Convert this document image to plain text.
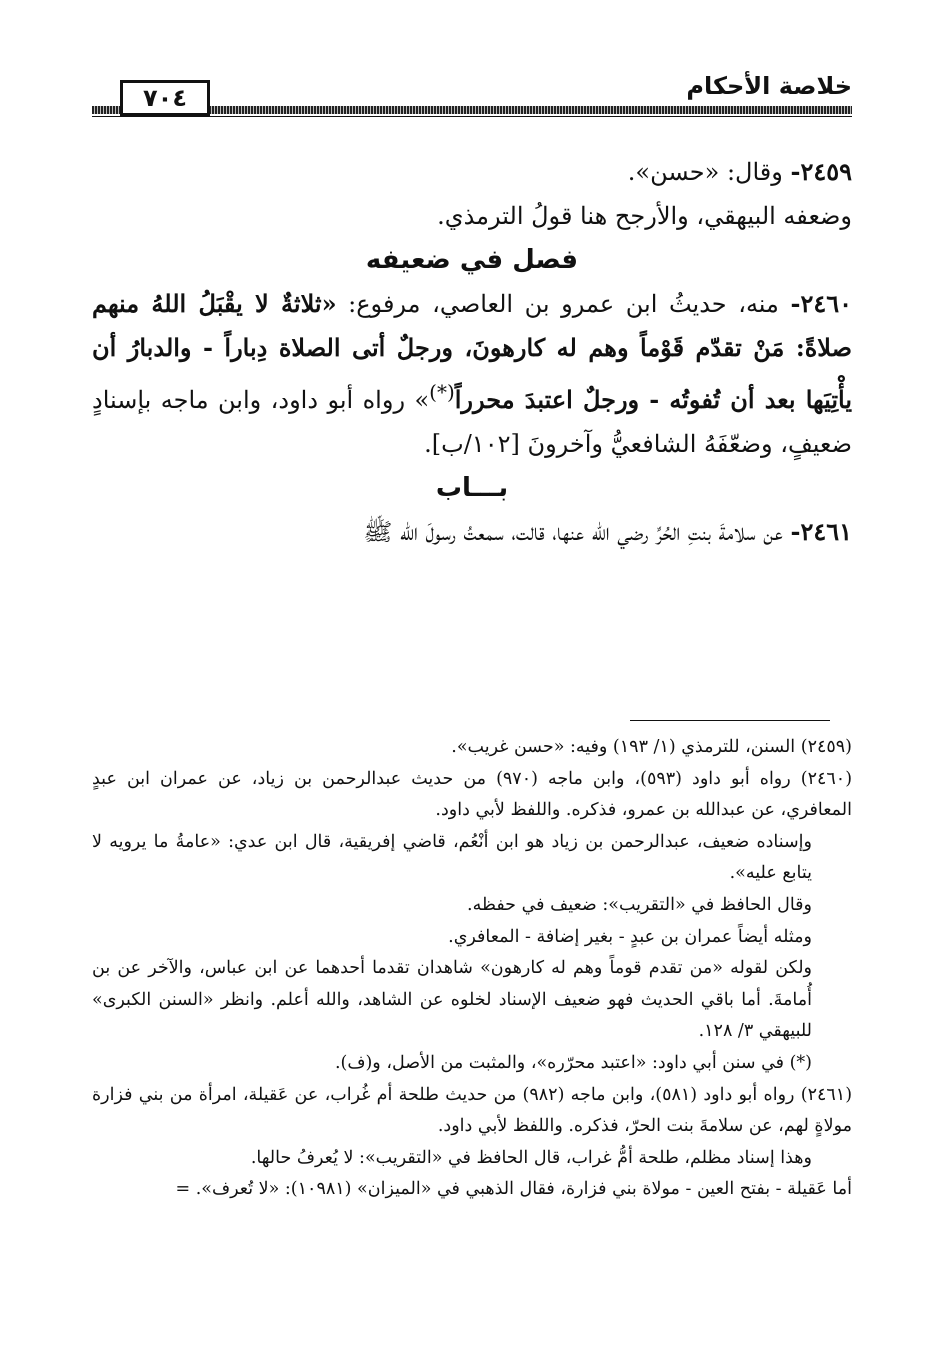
خلاصة الأحكام
٧٠٤

٢٤٥٩- وقال: «حسن».

وضعفه البيهقي، والأرجح هنا قولُ الترمذي.

فصل في ضعيفه

٢٤٦٠- منه، حديثُ ابن عمرو بن العاصي، مرفوع: «ثلاثةٌ لا يقْبَلُ اللهُ منهم صلاةً: مَنْ تقدّم قَوْماً وهم له كارهونَ، ورجلٌ أتى الصلاة دِباراً - والدبارُ أن يأْتِيَها بعد أن تُفوتُه - ورجلٌ اعتبدَ محرراً(*)» رواه أبو داود، وابن ماجه بإسنادٍ ضعيفٍ، وضعّفَهُ الشافعيُّ وآخرونَ [١٠٢/ب].

بـــاب

٢٤٦١- عن سلامةَ بنتِ الحُرِّ رضي الله عنها، قالت، سمعتُ رسولَ الله ﷺ

(٢٤٥٩) السنن، للترمذي (١/ ١٩٣) وفيه: «حسن غريب».

(٢٤٦٠) رواه أبو داود (٥٩٣)، وابن ماجه (٩٧٠) من حديث عبدالرحمن بن زياد، عن عمران ابن عبدٍ المعافري، عن عبدالله بن عمرو، فذكره. واللفظ لأبي داود.

وإسناده ضعيف، عبدالرحمن بن زياد هو ابن أنْعُم، قاضي إفريقية، قال ابن عدي: «عامةُ ما يرويه لا يتابع عليه».

وقال الحافظ في «التقريب»: ضعيف في حفظه.

ومثله أيضاً عمران بن عبدٍ - بغير إضافة - المعافري.

ولكن لقوله «من تقدم قوماً وهم له كارهون» شاهدان تقدما أحدهما عن ابن عباس، والآخر عن بن أُمامةَ. أما باقي الحديث فهو ضعيف الإسناد لخلوه عن الشاهد، والله أعلم. وانظر «السنن الكبرى» للبيهقي ٣/ ١٢٨.

(*) في سنن أبي داود: «اعتبد محرّره»، والمثبت من الأصل، و(ف).

(٢٤٦١) رواه أبو داود (٥٨١)، وابن ماجه (٩٨٢) من حديث طلحة أم غُراب، عن عَقيلة، امرأة من بني فزارة مولاةٍ لهم، عن سلامةَ بنت الحرّ، فذكره. واللفظ لأبي داود.

وهذا إسناد مظلم، طلحة أمُّ غراب، قال الحافظ في «التقريب»: لا يُعرفُ حالها.

أما عَقيلة - بفتح العين - مولاة بني فزارة، فقال الذهبي في «الميزان» (١٠٩٨١): «لا تُعرف». =
